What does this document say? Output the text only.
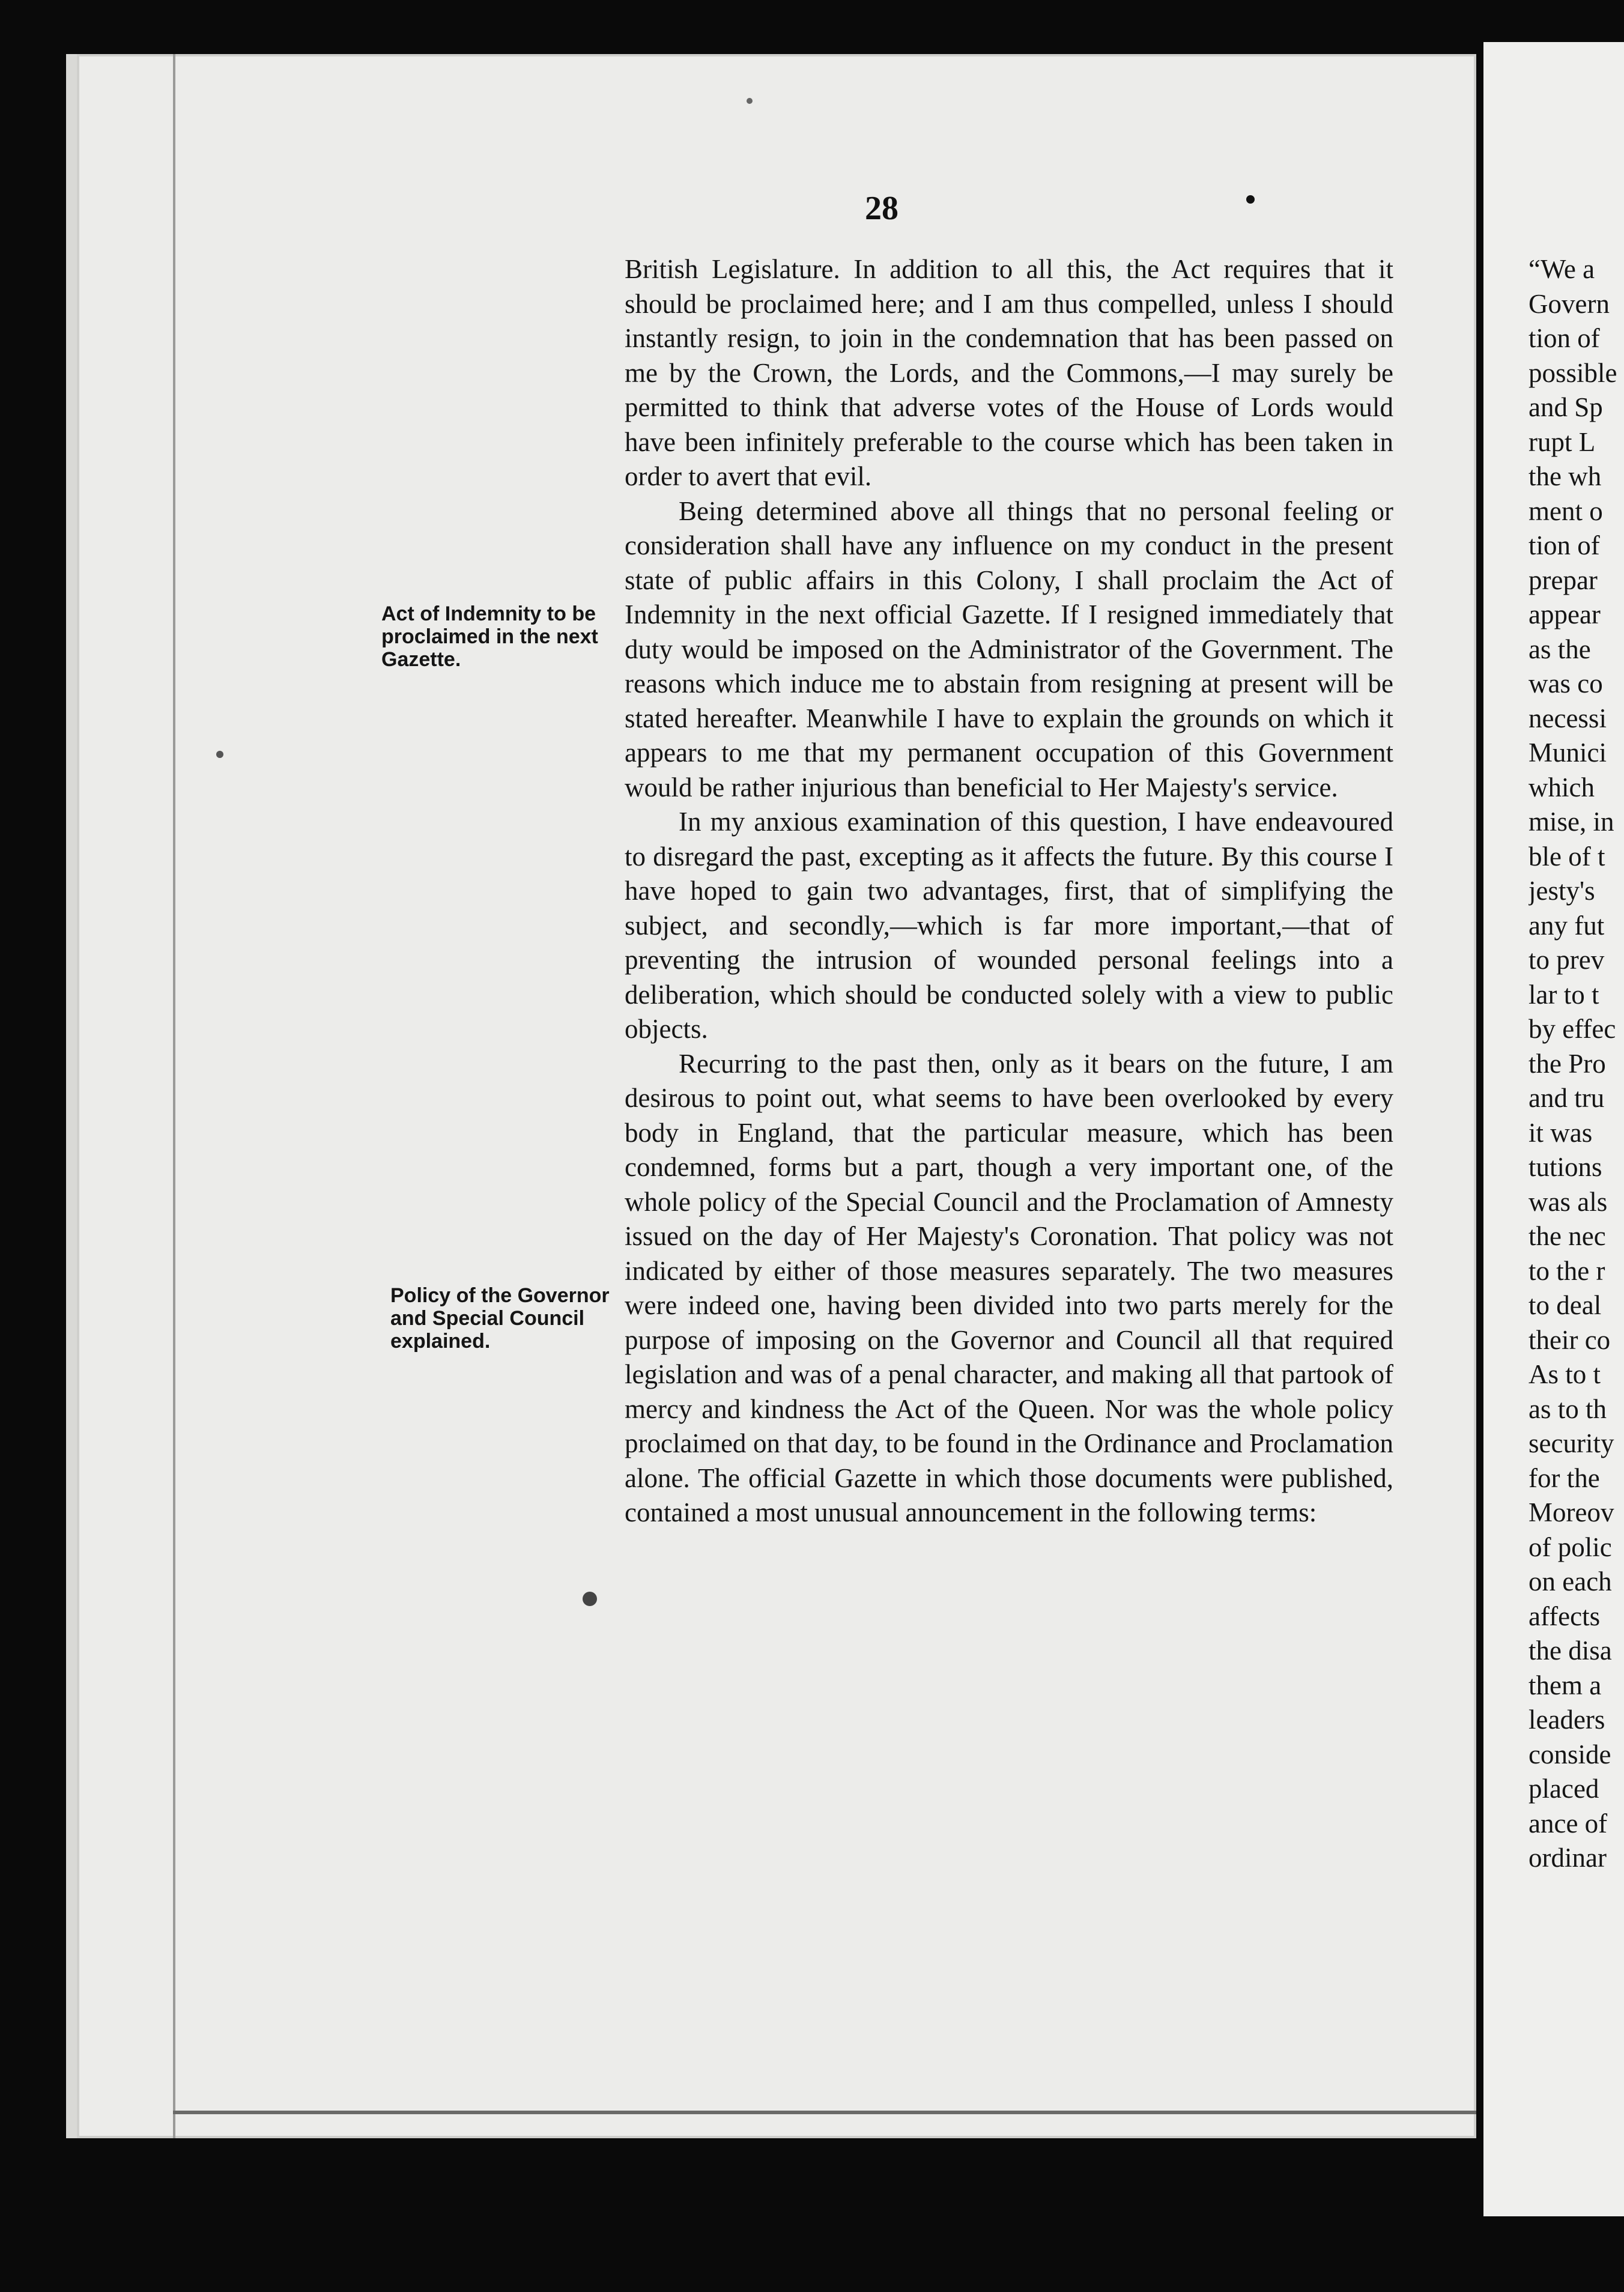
28

British Legislature. In addition to all this, the Act requires that it should be proclaimed here; and I am thus compelled, unless I should instantly resign, to join in the condemnation that has been passed on me by the Crown, the Lords, and the Commons,—I may surely be permitted to think that adverse votes of the House of Lords would have been infinitely preferable to the course which has been taken in order to avert that evil.

Being determined above all things that no personal feeling or consideration shall have any influence on my conduct in the present state of public affairs in this Colony, I shall proclaim the Act of Indemnity in the next official Gazette. If I resigned immediately that duty would be imposed on the Administrator of the Government. The reasons which induce me to abstain from resigning at present will be stated hereafter. Meanwhile I have to explain the grounds on which it appears to me that my permanent occupation of this Government would be rather injurious than beneficial to Her Majesty's service.

In my anxious examination of this question, I have endeavoured to disregard the past, excepting as it affects the future. By this course I have hoped to gain two advantages, first, that of simplifying the subject, and secondly,—which is far more important,—that of preventing the intrusion of wounded personal feelings into a deliberation, which should be conducted solely with a view to public objects.

Recurring to the past then, only as it bears on the future, I am desirous to point out, what seems to have been overlooked by every body in England, that the particular measure, which has been condemned, forms but a part, though a very important one, of the whole policy of the Special Council and the Proclamation of Amnesty issued on the day of Her Majesty's Coronation. That policy was not indicated by either of those measures separately. The two measures were indeed one, having been divided into two parts merely for the purpose of imposing on the Governor and Council all that required legislation and was of a penal character, and making all that partook of mercy and kindness the Act of the Queen. Nor was the whole policy proclaimed on that day, to be found in the Ordinance and Proclamation alone. The official Gazette in which those documents were published, contained a most unusual announcement in the following terms:

Act of Indemnity to be proclaimed in the next Gazette.
Policy of the Governor and Special Council explained.
“We a
Govern
tion of
possible
and Sp
rupt L
the wh
ment o
tion of
prepar
appear
as the
was co
necessi
Munici
which
mise, in
ble of t
jesty's
any fut
to prev
lar to t
by effec
the Pro
and tru
it was
tutions
was als
the nec
to the r
to deal
their co
As to t
as to th
security
for the
Moreov
of polic
on each
affects
the disa
them a
leaders
conside
placed
ance of
ordinar
